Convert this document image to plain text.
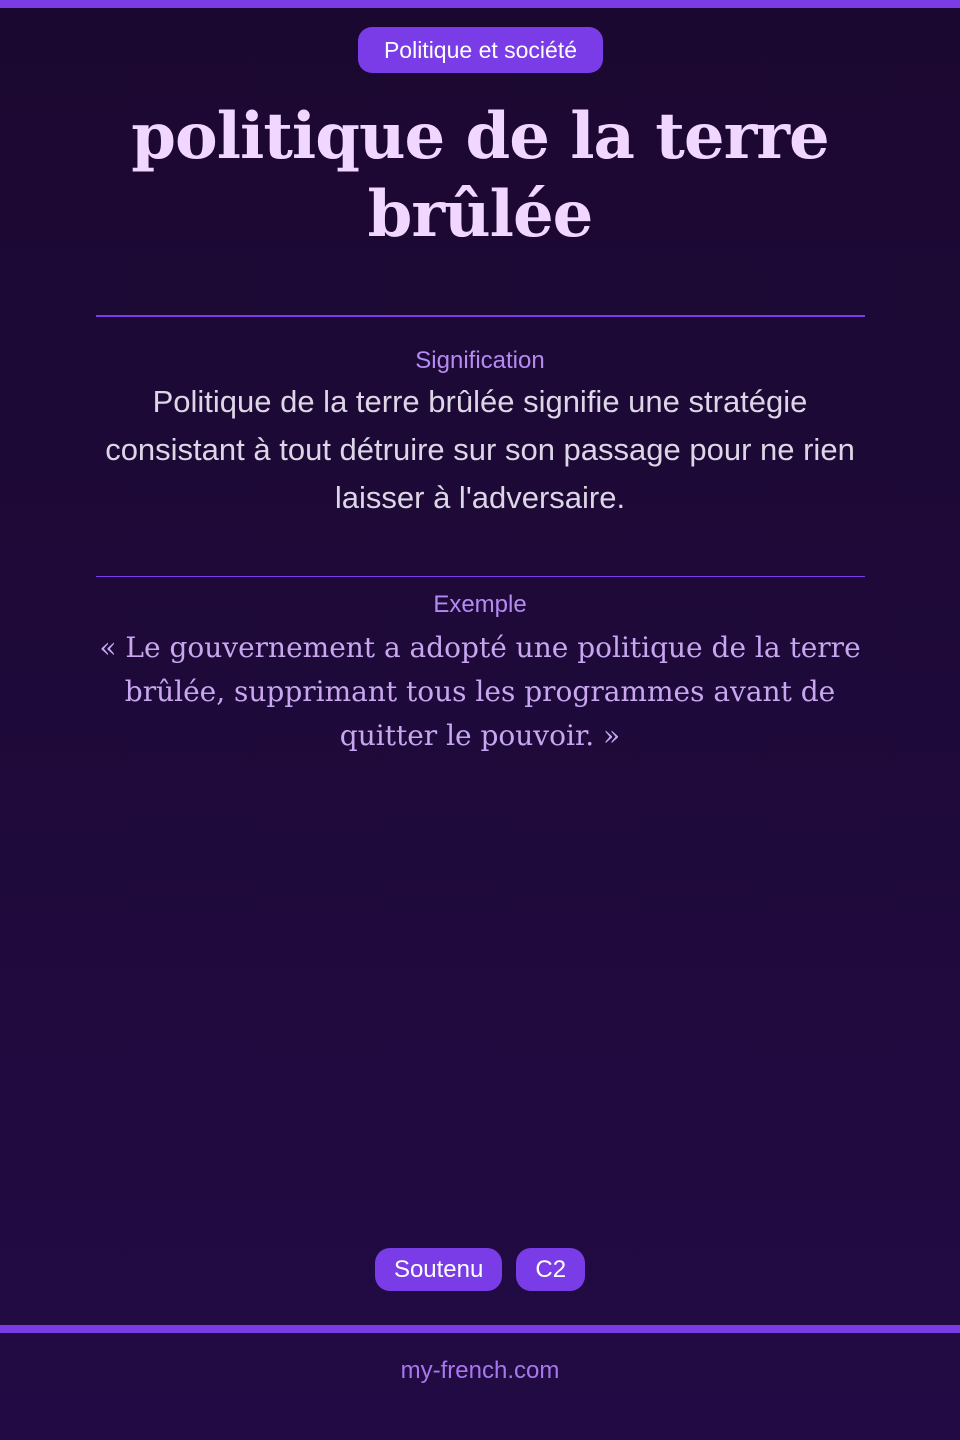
Politique et société
politique de la terre brûlée
Signification
Politique de la terre brûlée signifie une stratégie consistant à tout détruire sur son passage pour ne rien laisser à l'adversaire.
Exemple
« Le gouvernement a adopté une politique de la terre brûlée, supprimant tous les programmes avant de quitter le pouvoir. »
Soutenu	C2
my-french.com
